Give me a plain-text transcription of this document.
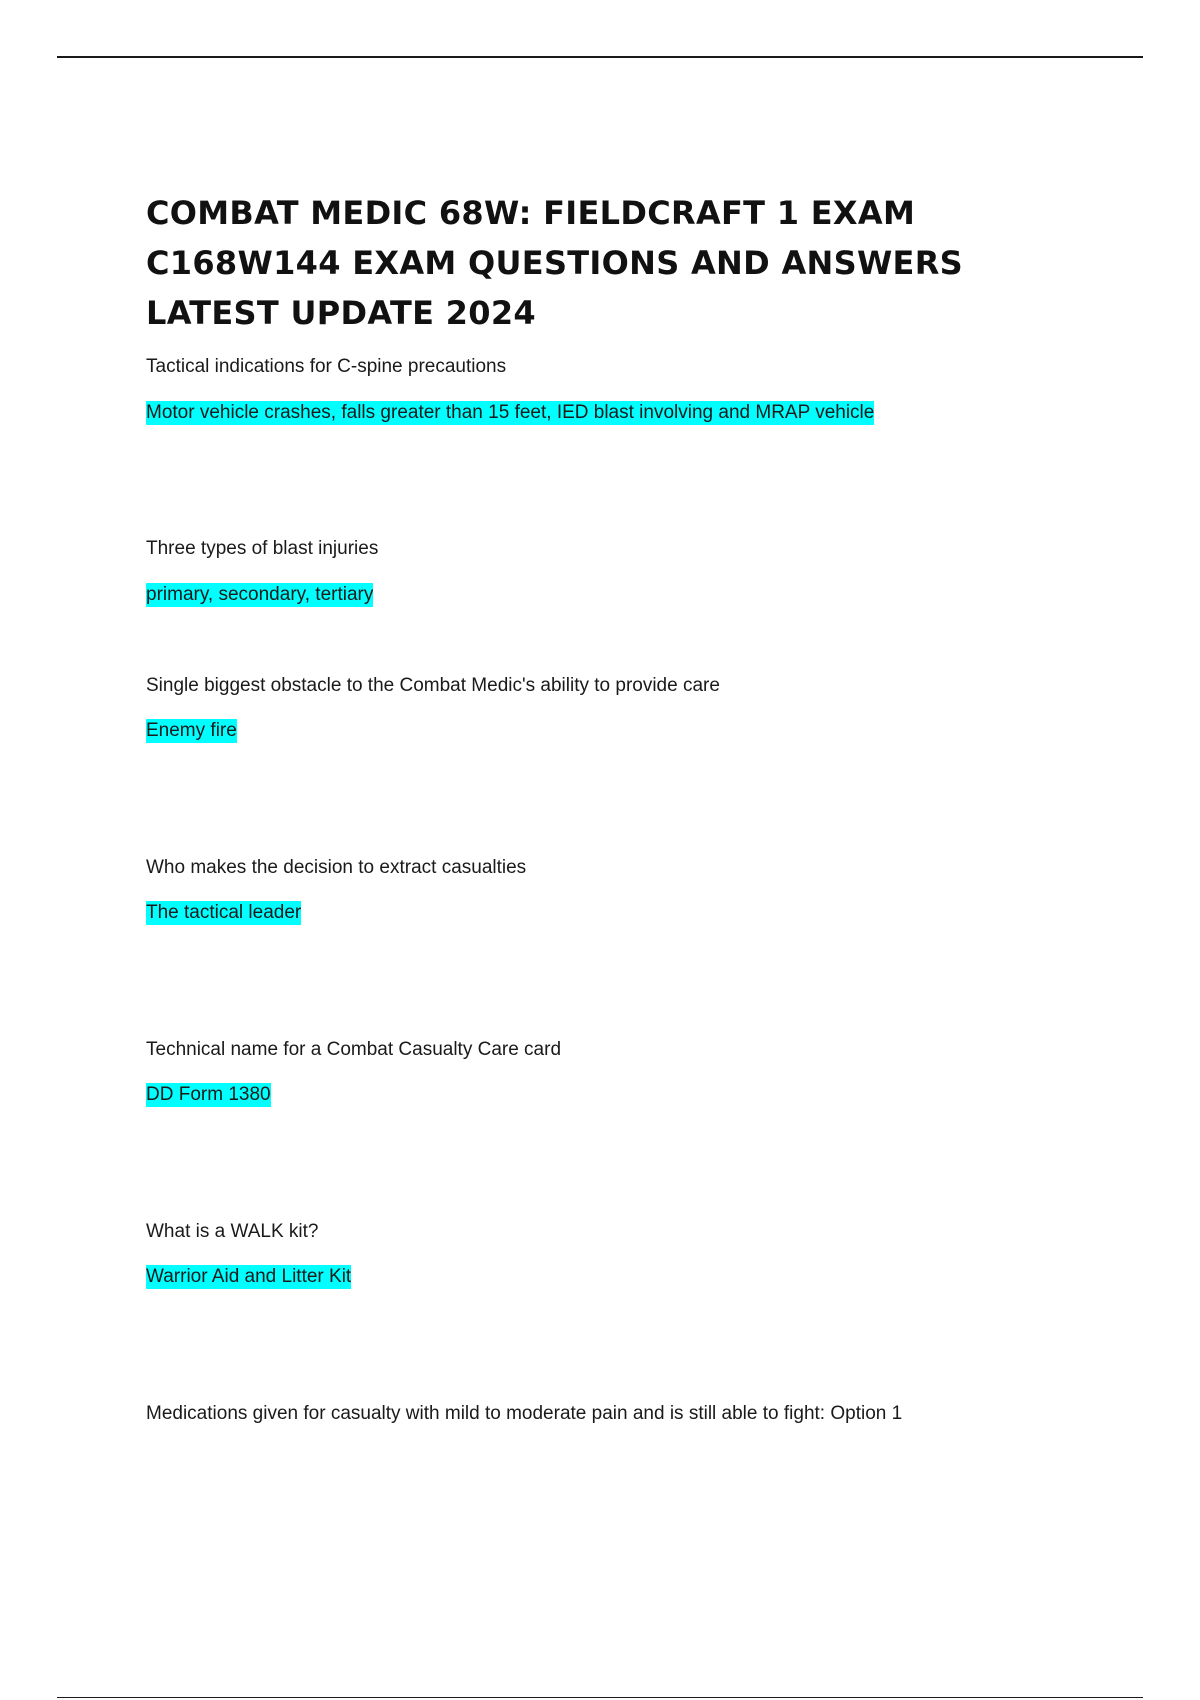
COMBAT MEDIC 68W: FIELDCRAFT 1 EXAM
C168W144 EXAM QUESTIONS AND ANSWERS
LATEST UPDATE 2024
Tactical indications for C-spine precautions
Motor vehicle crashes, falls greater than 15 feet, IED blast involving and MRAP vehicle
Three types of blast injuries
primary, secondary, tertiary
Single biggest obstacle to the Combat Medic's ability to provide care
Enemy fire
Who makes the decision to extract casualties
The tactical leader
Technical name for a Combat Casualty Care card
DD Form 1380
What is a WALK kit?
Warrior Aid and Litter Kit
Medications given for casualty with mild to moderate pain and is still able to fight: Option 1
